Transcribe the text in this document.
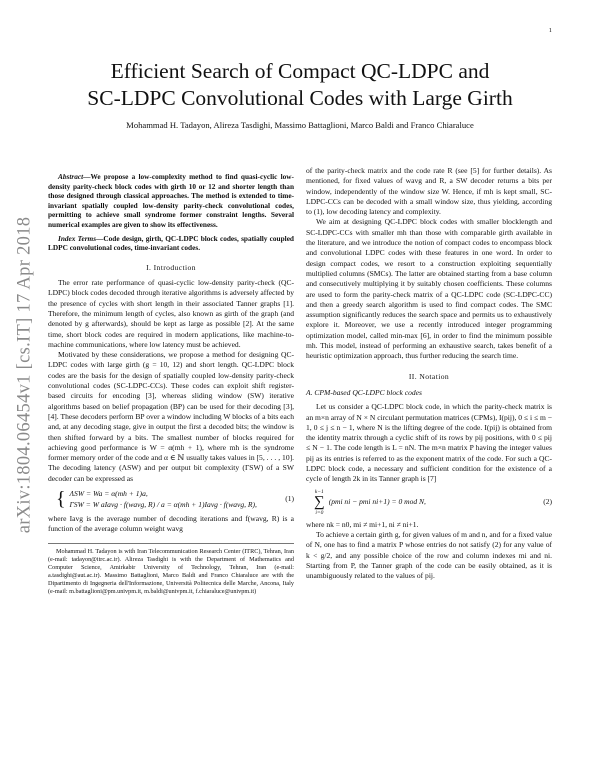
1
arXiv:1804.06454v1 [cs.IT] 17 Apr 2018
Efficient Search of Compact QC-LDPC and
SC-LDPC Convolutional Codes with Large Girth
Mohammad H. Tadayon, Alireza Tasdighi, Massimo Battaglioni, Marco Baldi and Franco Chiaraluce

Abstract—We propose a low-complexity method to find quasi-cyclic low-density parity-check block codes with girth 10 or 12 and shorter length than those designed through classical approaches. The method is extended to time-invariant spatially coupled low-density parity-check convolutional codes, permitting to achieve small syndrome former constraint lengths. Several numerical examples are given to show its effectiveness.

Index Terms—Code design, girth, QC-LDPC block codes, spatially coupled LDPC convolutional codes, time-invariant codes.

I. Introduction

The error rate performance of quasi-cyclic low-density parity-check (QC-LDPC) block codes decoded through iterative algorithms is adversely affected by the presence of cycles with short length in their associated Tanner graphs [1]. Therefore, the minimum length of cycles, also known as girth of the graph (and denoted by g afterwards), should be kept as large as possible [2]. At the same time, short block codes are required in modern applications, like machine-to-machine communications, where low latency must be achieved.

Motivated by these considerations, we propose a method for designing QC-LDPC codes with large girth (g = 10, 12) and short length. QC-LDPC block codes are the basis for the design of spatially coupled low-density parity-check convolutional codes (SC-LDPC-CCs). These codes can exploit shift register-based circuits for encoding [3], whereas sliding window (SW) iterative algorithms based on belief propagation (BP) can be used for their decoding [3], [4]. These decoders perform BP over a window including W blocks of a bits each and, at any decoding stage, give in output the first a decoded bits; the window is then shifted forward by a bits. The smallest number of blocks required for achieving good performance is W = α(mh + 1), where mh is the syndrome former memory order of the code and α ∈ ℕ usually takes values in [5, . . . , 10]. The decoding latency (ΛSW) and per output bit complexity (ΓSW) of a SW decoder can be expressed as

{ ΛSW = Wa = α(mh + 1)a,
ΓSW = W aIavg · f(wavg, R) / a = α(mh + 1)Iavg · f(wavg, R),
(1)

where Iavg is the average number of decoding iterations and f(wavg, R) is a function of the average column weight wavg

Mohammad H. Tadayon is with Iran Telecommunication Research Center (ITRC), Tehran, Iran (e-mail: tadayon@itrc.ac.ir). Alireza Tasdighi is with the Department of Mathematics and Computer Science, Amirkabir University of Technology, Tehran, Iran (e-mail: a.tasdighi@aut.ac.ir). Massimo Battaglioni, Marco Baldi and Franco Chiaraluce are with the Dipartimento di Ingegneria dell'Informazione, Università Politecnica delle Marche, Ancona, Italy (e-mail: m.battaglioni@pm.univpm.it, m.baldi@univpm.it, f.chiaraluce@univpm.it)

of the parity-check matrix and the code rate R (see [5] for further details). As mentioned, for fixed values of wavg and R, a SW decoder returns a bits per window, independently of the window size W. Hence, if mh is kept small, SC-LDPC-CCs can be decoded with a small window size, thus yielding, according to (1), low decoding latency and complexity.

We aim at designing QC-LDPC block codes with smaller blocklength and SC-LDPC-CCs with smaller mh than those with comparable girth available in the literature, and we introduce the notion of compact codes to encompass block and convolutional LDPC codes with these features in one word. In order to design compact codes, we resort to a construction exploiting sequentially multiplied columns (SMCs). The latter are obtained starting from a base column and consecutively multiplying it by suitably chosen coefficients. These columns are used to form the parity-check matrix of a QC-LDPC code (SC-LDPC-CC) and then a greedy search algorithm is used to find compact codes. The SMC assumption significantly reduces the search space and permits us to exhaustively explore it. Moreover, we use a recently introduced integer programming optimization model, called min-max [6], in order to find the minimum possible mh. This model, instead of performing an exhaustive search, takes benefit of a heuristic optimization approach, thus further reducing the search time.

II. Notation
A. CPM-based QC-LDPC block codes

Let us consider a QC-LDPC block code, in which the parity-check matrix is an m×n array of N × N circulant permutation matrices (CPMs), I(pij), 0 ≤ i ≤ m − 1, 0 ≤ j ≤ n − 1, where N is the lifting degree of the code. I(pij) is obtained from the identity matrix through a cyclic shift of its rows by pij positions, with 0 ≤ pij ≤ N − 1. The code length is L = nN. The m×n matrix P having the integer values pij as its entries is referred to as the exponent matrix of the code. For such a QC-LDPC block code, a necessary and sufficient condition for the existence of a cycle of length 2k in its Tanner graph is [7]

k−1
∑
i=0
(pmi ni − pmi ni+1) = 0 mod N,	(2)

where nk = n0, mi ≠ mi+1, ni ≠ ni+1.

To achieve a certain girth g, for given values of m and n, and for a fixed value of N, one has to find a matrix P whose entries do not satisfy (2) for any value of k < g/2, and any possible choice of the row and column indexes mi and ni. Starting from P, the Tanner graph of the code can be easily obtained, as it is unambiguously related to the values of pij.
